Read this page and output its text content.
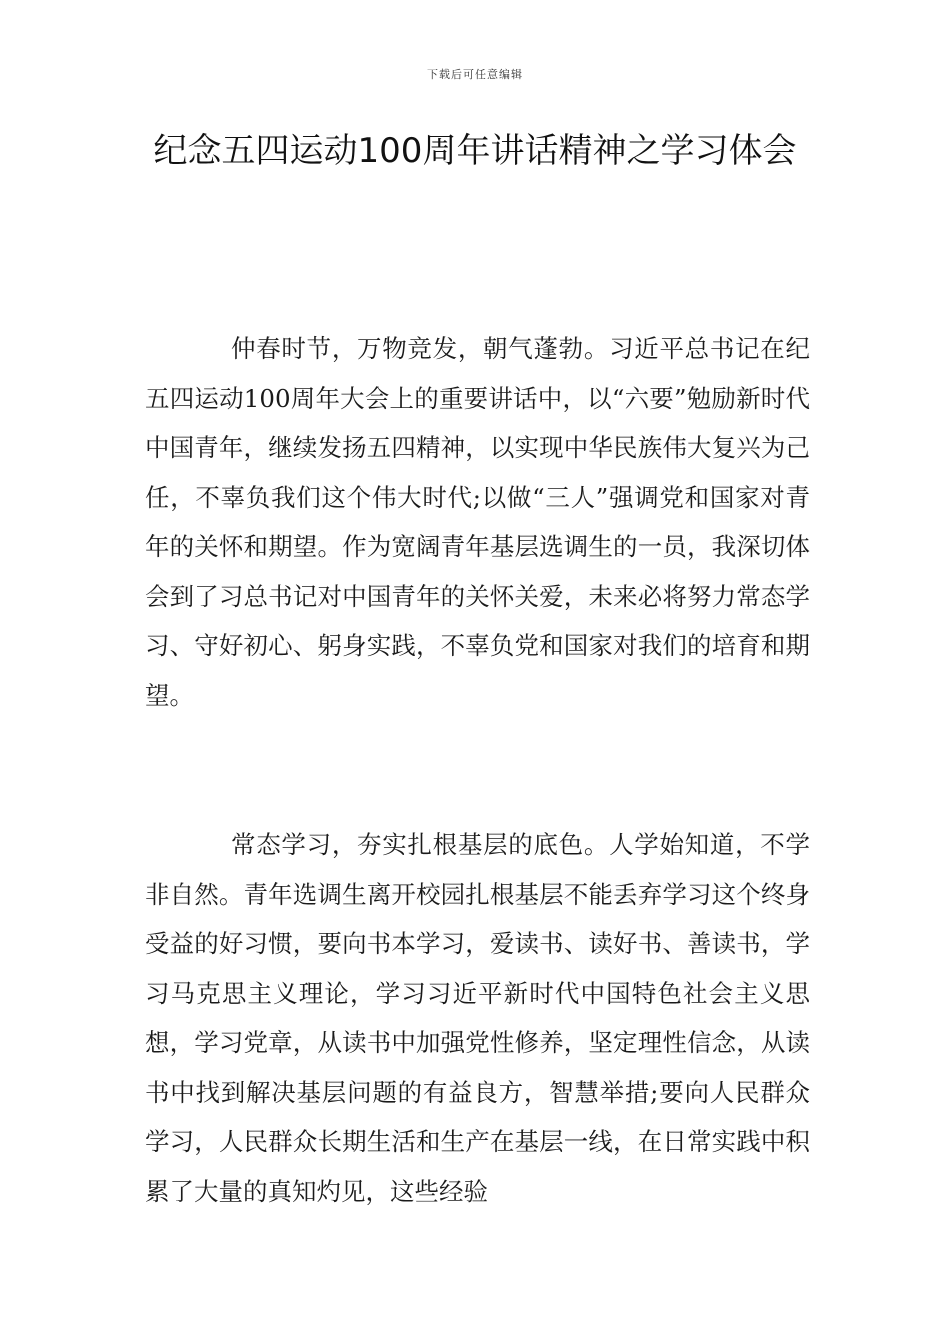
下载后可任意编辑
纪念五四运动100周年讲话精神之学习体会

仲春时节，万物竞发，朝气蓬勃。习近平总书记在纪五四运动100周年大会上的重要讲话中，以“六要”勉励新时代中国青年，继续发扬五四精神，以实现中华民族伟大复兴为己任，不辜负我们这个伟大时代;以做“三人”强调党和国家对青年的关怀和期望。作为宽阔青年基层选调生的一员，我深切体会到了习总书记对中国青年的关怀关爱，未来必将努力常态学习、守好初心、躬身实践，不辜负党和国家对我们的培育和期望。

常态学习，夯实扎根基层的底色。人学始知道，不学非自然。青年选调生离开校园扎根基层不能丢弃学习这个终身受益的好习惯，要向书本学习，爱读书、读好书、善读书，学习马克思主义理论，学习习近平新时代中国特色社会主义思想，学习党章，从读书中加强党性修养，坚定理性信念，从读书中找到解决基层问题的有益良方，智慧举措;要向人民群众学习，人民群众长期生活和生产在基层一线，在日常实践中积累了大量的真知灼见，这些经验
